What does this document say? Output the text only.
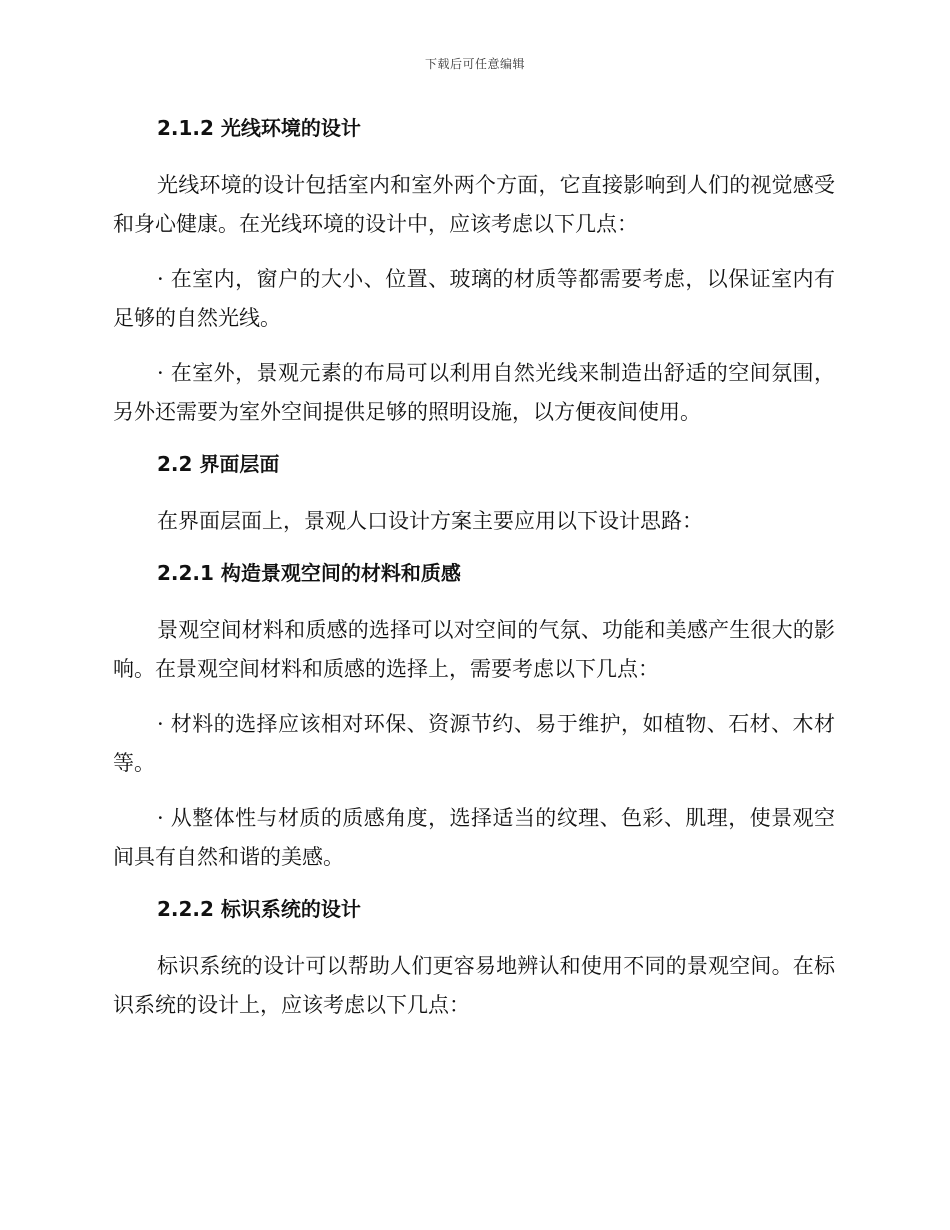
下载后可任意编辑
2.1.2 光线环境的设计

光线环境的设计包括室内和室外两个方面，它直接影响到人们的视觉感受和身心健康。在光线环境的设计中，应该考虑以下几点：

· 在室内，窗户的大小、位置、玻璃的材质等都需要考虑，以保证室内有足够的自然光线。

· 在室外，景观元素的布局可以利用自然光线来制造出舒适的空间氛围，另外还需要为室外空间提供足够的照明设施，以方便夜间使用。

2.2 界面层面

在界面层面上，景观人口设计方案主要应用以下设计思路：

2.2.1 构造景观空间的材料和质感

景观空间材料和质感的选择可以对空间的气氛、功能和美感产生很大的影响。在景观空间材料和质感的选择上，需要考虑以下几点：

· 材料的选择应该相对环保、资源节约、易于维护，如植物、石材、木材等。

· 从整体性与材质的质感角度，选择适当的纹理、色彩、肌理，使景观空间具有自然和谐的美感。

2.2.2 标识系统的设计

标识系统的设计可以帮助人们更容易地辨认和使用不同的景观空间。在标识系统的设计上，应该考虑以下几点：
